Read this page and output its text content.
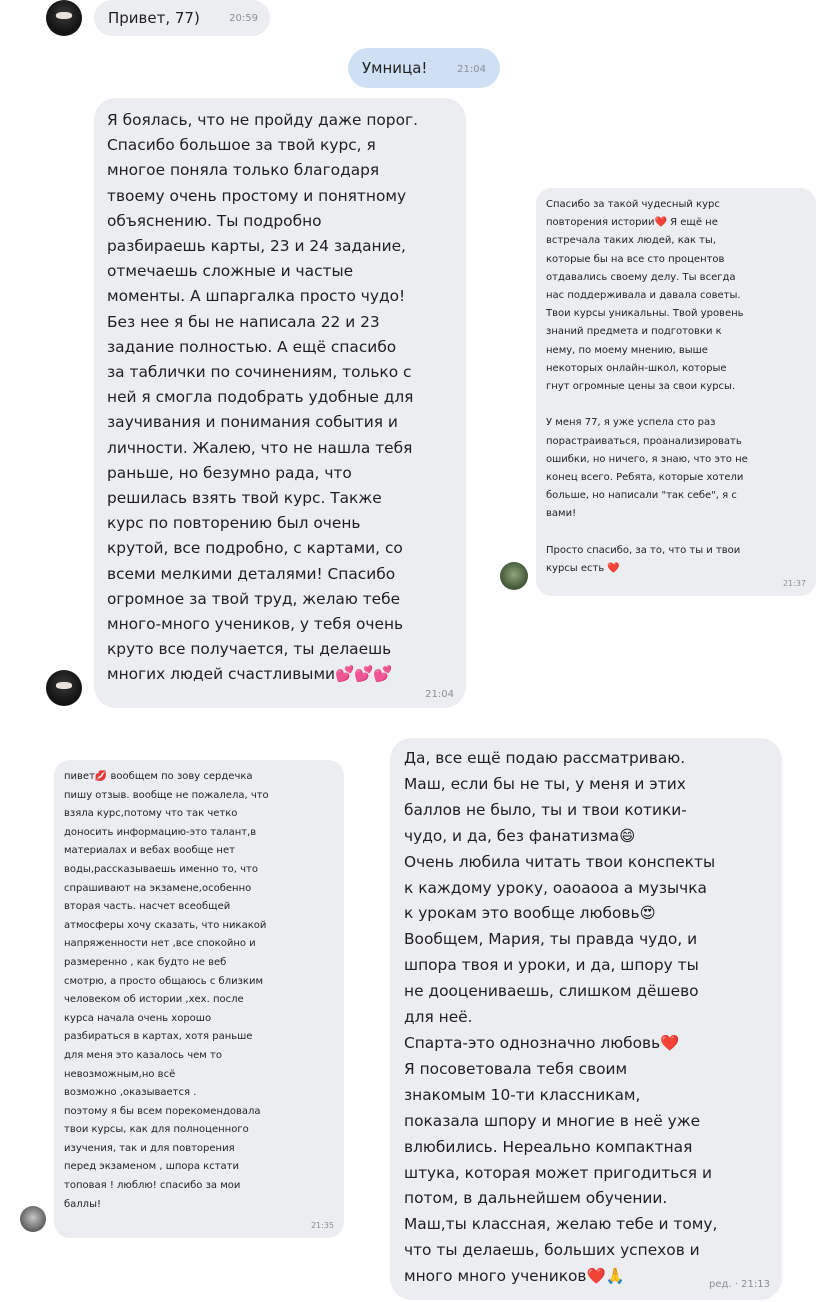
Привет, 77)	20:59

Умница!	21:04

Я боялась, что не пройду даже порог.
Спасибо большое за твой курс, я
многое поняла только благодаря
твоему очень простому и понятному
объяснению. Ты подробно
разбираешь карты, 23 и 24 задание,
отмечаешь сложные и частые
моменты. А шпаргалка просто чудо!
Без нее я бы не написала 22 и 23
задание полностью. А ещё спасибо
за таблички по сочинениям, только с
ней я смогла подобрать удобные для
заучивания и понимания события и
личности. Жалею, что не нашла тебя
раньше, но безумно рада, что
решилась взять твой курс. Также
курс по повторению был очень
крутой, все подробно, с картами, со
всеми мелкими деталями! Спасибо
огромное за твой труд, желаю тебе
много-много учеников, у тебя очень
круто все получается, ты делаешь
многих людей счастливыми💕💕💕

21:04

Спасибо за такой чудесный курс
повторения истории❤️ Я ещё не
встречала таких людей, как ты,
которые бы на все сто процентов
отдавались своему делу. Ты всегда
нас поддерживала и давала советы.
Твои курсы уникальны. Твой уровень
знаний предмета и подготовки к
нему, по моему мнению, выше
некоторых онлайн-школ, которые
гнут огромные цены за свои курсы.

У меня 77, я уже успела сто раз
порастраиваться, проанализировать
ошибки, но ничего, я знаю, что это не
конец всего. Ребята, которые хотели
больше, но написали "так себе", я с
вами!

Просто спасибо, за то, что ты и твои
курсы есть ❤️

21:37

пивет💋 вообщем по зову сердечка
пишу отзыв. вообще не пожалела, что
взяла курс,потому что так четко
доносить информацию-это талант,в
материалах и вебах вообще нет
воды,рассказываешь именно то, что
спрашивают на экзамене,особенно
вторая часть. насчет всеобщей
атмосферы хочу сказать, что никакой
напряженности нет ,все спокойно и
размеренно , как будто не веб
смотрю, а просто общаюсь с близким
человеком об истории ,хех. после
курса начала очень хорошо
разбираться в картах, хотя раньше
для меня это казалось чем то
невозможным,но всё
возможно ,оказывается .
поэтому я бы всем порекомендовала
твои курсы, как для полноценного
изучения, так и для повторения
перед экзаменом , шпора кстати
топовая ! люблю! спасибо за мои
баллы!

21:35

Да, все ещё подаю рассматриваю.
Маш, если бы не ты, у меня и этих
баллов не было, ты и твои котики-
чудо, и да, без фанатизма😄
Очень любила читать твои конспекты
к каждому уроку, оаоаооа а музычка
к урокам это вообще любовь😍
Вообщем, Мария, ты правда чудо, и
шпора твоя и уроки, и да, шпору ты
не дооцениваешь, слишком дёшево
для неё.
Спарта-это однозначно любовь❤️
Я посоветовала тебя своим
знакомым 10-ти классникам,
показала шпору и многие в неё уже
влюбились. Нереально компактная
штука, которая может пригодиться и
потом, в дальнейшем обучении.
Маш,ты классная, желаю тебе и тому,
что ты делаешь, больших успехов и
много много учеников❤️🙏	ред. · 21:13
